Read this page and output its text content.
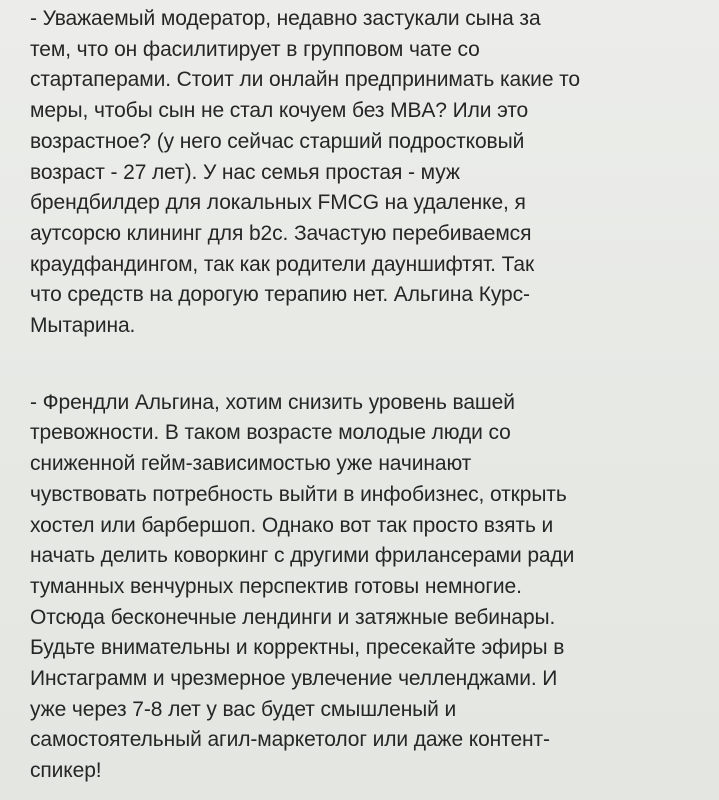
- Уважаемый модератор, недавно застукали сына за
тем, что он фасилитирует в групповом чате со
стартаперами. Стоит ли онлайн предпринимать какие то
меры, чтобы сын не стал кочуем без MBA? Или это
возрастное? (у него сейчас старший подростковый
возраст - 27 лет). У нас семья простая - муж
брендбилдер для локальных FMCG на удаленке, я
аутсорсю клининг для b2c. Зачастую перебиваемся
краудфандингом, так как родители дауншифтят. Так
что средств на дорогую терапию нет. Альгина Курс-
Мытарина.
- Френдли Альгина, хотим снизить уровень вашей
тревожности. В таком возрасте молодые люди со
сниженной гейм-зависимостью уже начинают
чувствовать потребность выйти в инфобизнес, открыть
хостел или барбершоп. Однако вот так просто взять и
начать делить коворкинг с другими фрилансерами ради
туманных венчурных перспектив готовы немногие.
Отсюда бесконечные лендинги и затяжные вебинары.
Будьте внимательны и корректны, пресекайте эфиры в
Инстаграмм и чрезмерное увлечение челленджами. И
уже через 7-8 лет у вас будет смышленый и
самостоятельный агил-маркетолог или даже контент-
спикер!
